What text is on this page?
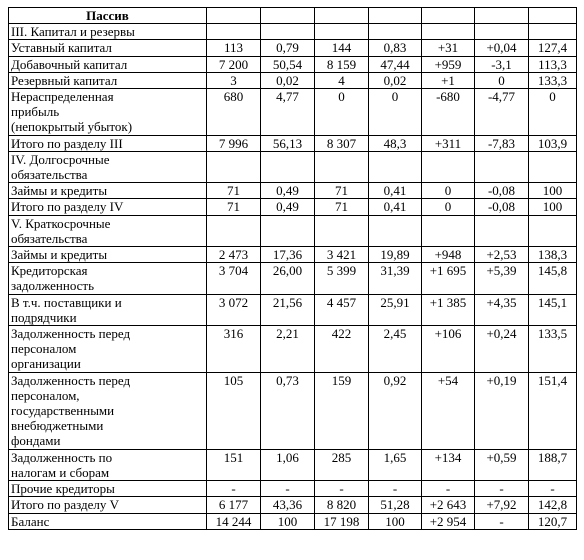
Пассив							

III. Капитал и резервы							

Уставный капитал	113	0,79	144	0,83	+31	+0,04	127,4

Добавочный капитал	7 200	50,54	8 159	47,44	+959	-3,1	113,3

Резервный капитал	3	0,02	4	0,02	+1	0	133,3

Нераспределенная
прибыль
(непокрытый убыток)	680	4,77	0	0	-680	-4,77	0

Итого по разделу III	7 996	56,13	8 307	48,3	+311	-7,83	103,9

IV. Долгосрочные
обязательства							

Займы и кредиты	71	0,49	71	0,41	0	-0,08	100

Итого по разделу IV	71	0,49	71	0,41	0	-0,08	100

V. Краткосрочные
обязательства							

Займы и кредиты	2 473	17,36	3 421	19,89	+948	+2,53	138,3

Кредиторская
задолженность	3 704	26,00	5 399	31,39	+1 695	+5,39	145,8

В т.ч. поставщики и
подрядчики	3 072	21,56	4 457	25,91	+1 385	+4,35	145,1

Задолженность перед
персоналом
организации	316	2,21	422	2,45	+106	+0,24	133,5

Задолженность перед
персоналом,
государственными
внебюджетными
фондами	105	0,73	159	0,92	+54	+0,19	151,4

Задолженность по
налогам и сборам	151	1,06	285	1,65	+134	+0,59	188,7

Прочие кредиторы	-	-	-	-	-	-	-

Итого по разделу V	6 177	43,36	8 820	51,28	+2 643	+7,92	142,8

Баланс	14 244	100	17 198	100	+2 954	-	120,7
